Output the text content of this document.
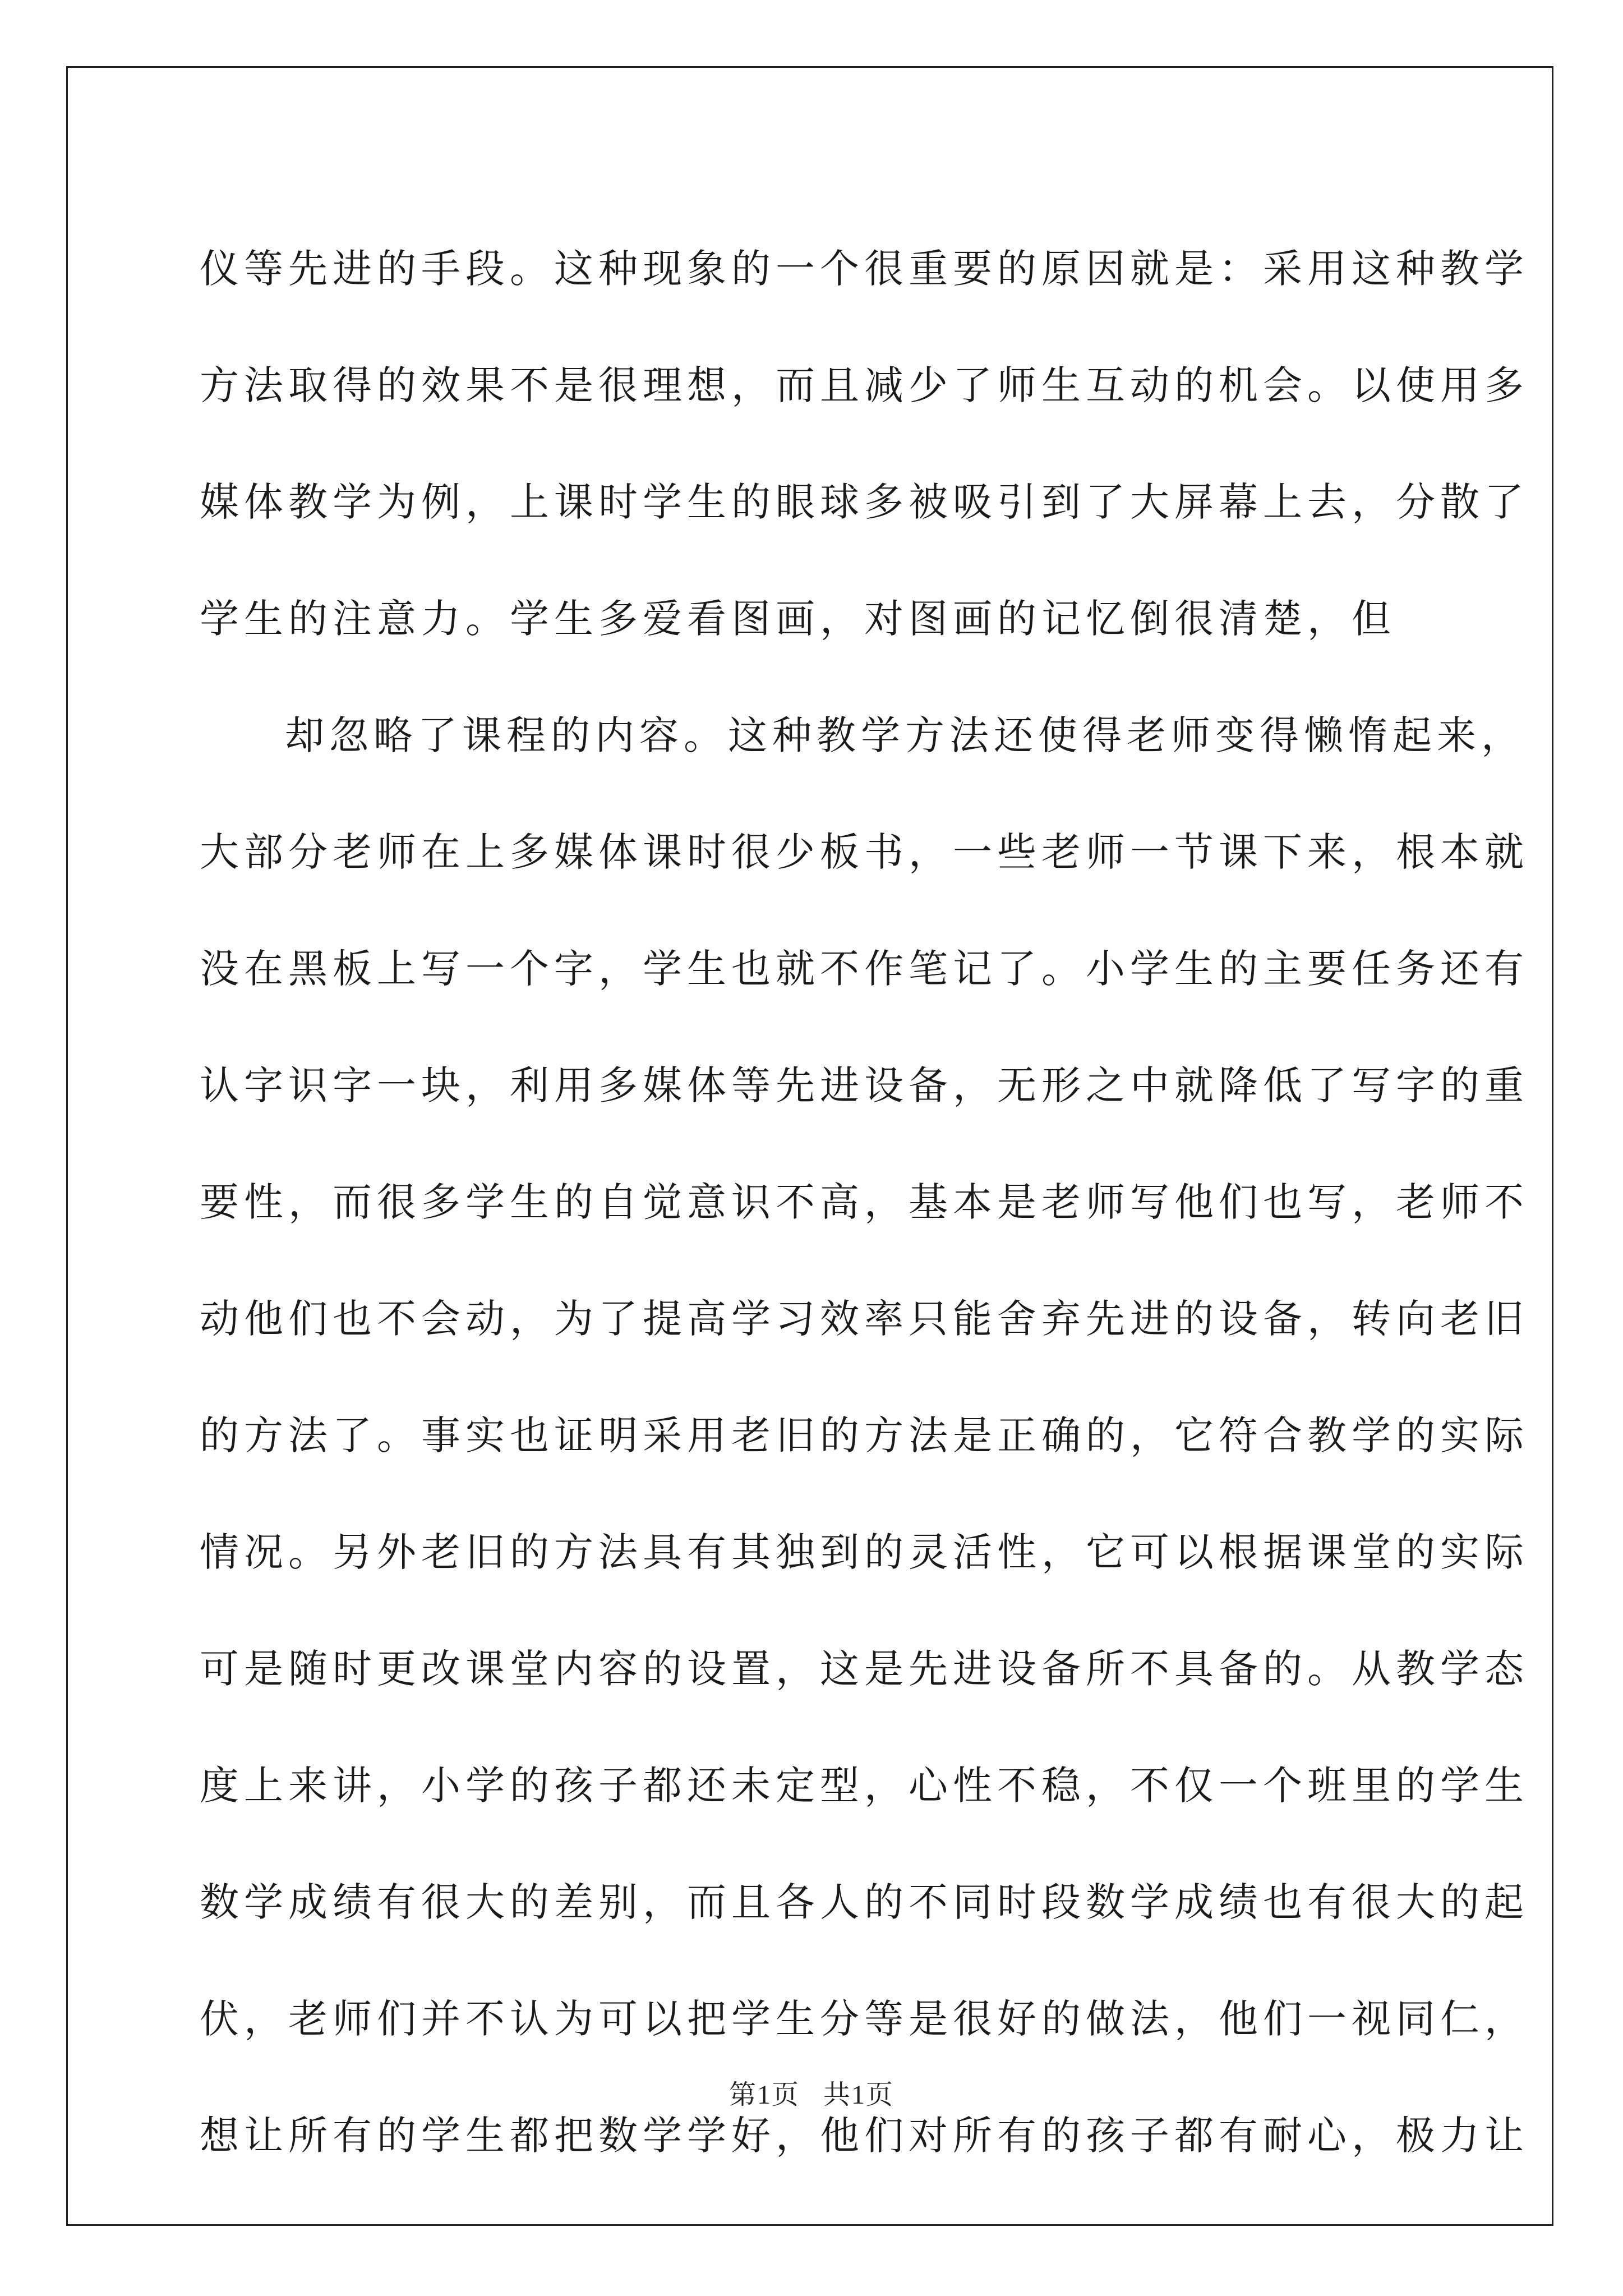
仪等先进的手段。这种现象的一个很重要的原因就是：采用这种教学
方法取得的效果不是很理想，而且减少了师生互动的机会。以使用多
媒体教学为例，上课时学生的眼球多被吸引到了大屏幕上去，分散了
学生的注意力。学生多爱看图画，对图画的记忆倒很清楚，但
却忽略了课程的内容。这种教学方法还使得老师变得懒惰起来，
大部分老师在上多媒体课时很少板书，一些老师一节课下来，根本就
没在黑板上写一个字，学生也就不作笔记了。小学生的主要任务还有
认字识字一块，利用多媒体等先进设备，无形之中就降低了写字的重
要性，而很多学生的自觉意识不高，基本是老师写他们也写，老师不
动他们也不会动，为了提高学习效率只能舍弃先进的设备，转向老旧
的方法了。事实也证明采用老旧的方法是正确的，它符合教学的实际
情况。另外老旧的方法具有其独到的灵活性，它可以根据课堂的实际
可是随时更改课堂内容的设置，这是先进设备所不具备的。从教学态
度上来讲，小学的孩子都还未定型，心性不稳，不仅一个班里的学生
数学成绩有很大的差别，而且各人的不同时段数学成绩也有很大的起
伏，老师们并不认为可以把学生分等是很好的做法，他们一视同仁，
想让所有的学生都把数学学好，他们对所有的孩子都有耐心，极力让
第1页 共1页
